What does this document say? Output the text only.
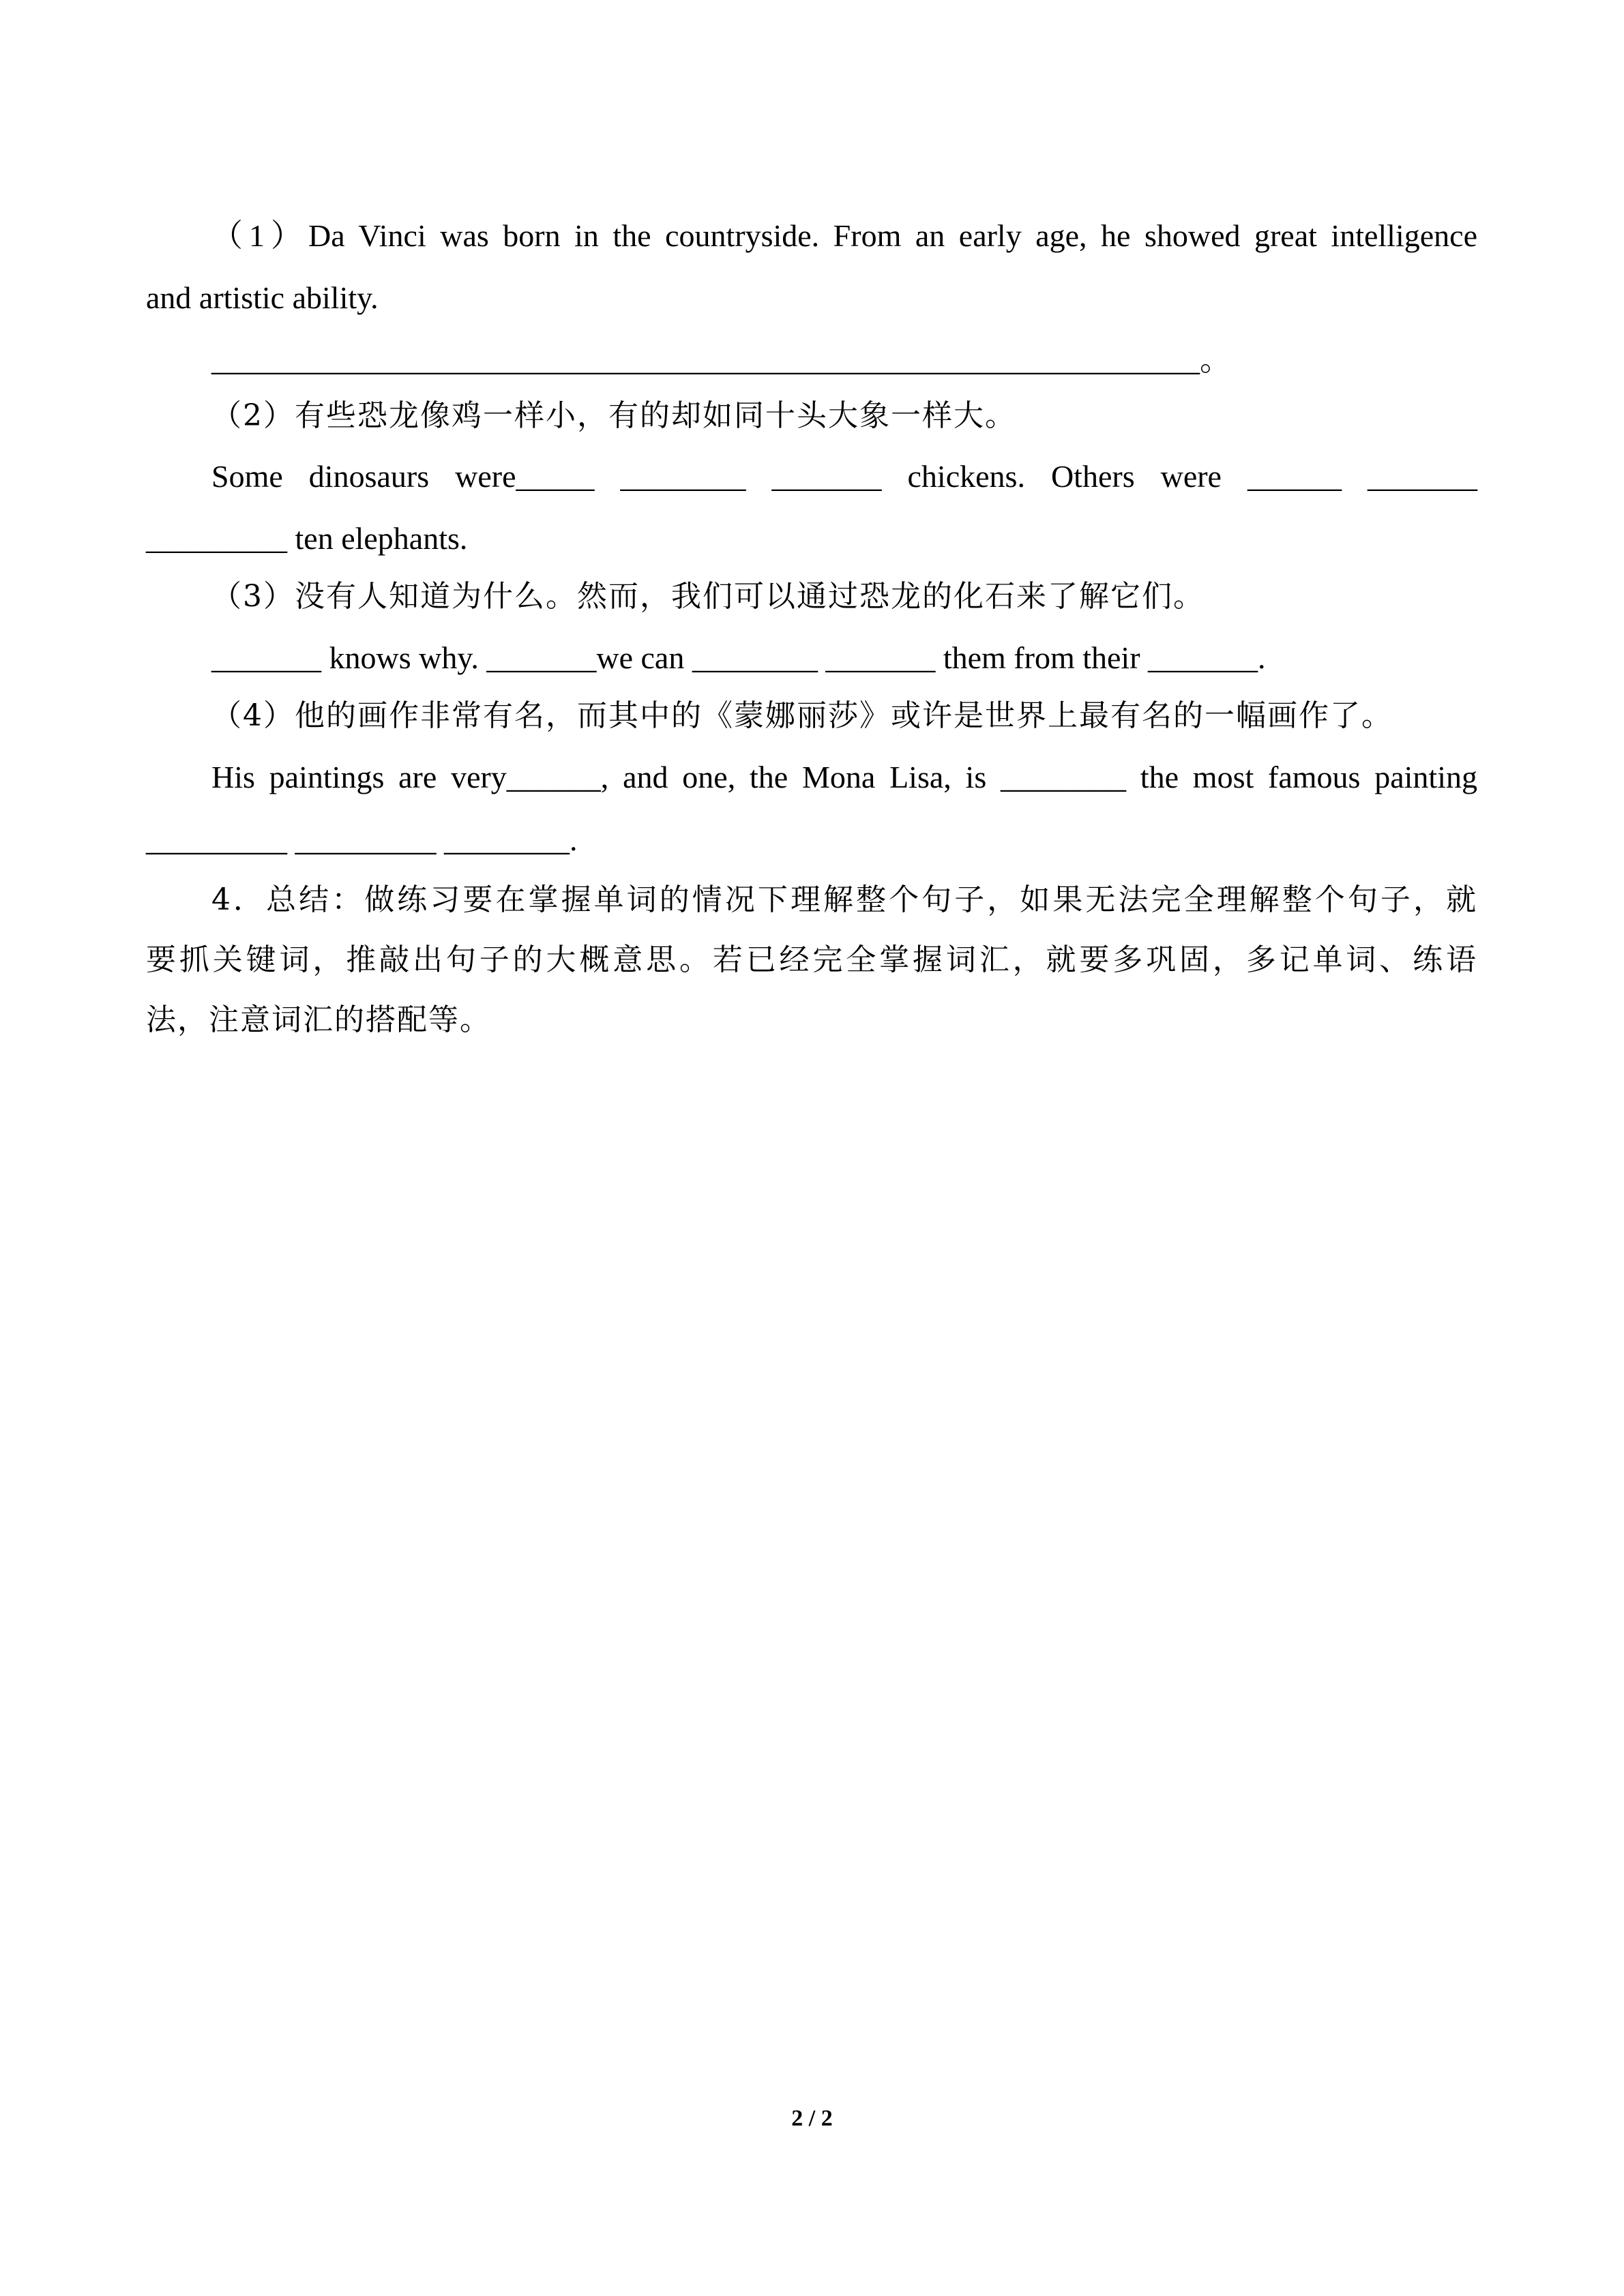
（1）Da Vinci was born in the countryside. From an early age, he showed great intelligence
and artistic ability.
_______________________________________________________________。
（2）有些恐龙像鸡一样小，有的却如同十头大象一样大。
Some dinosaurs were_____ ________ _______ chickens. Others were ______ _______
_________ ten elephants.
（3）没有人知道为什么。然而，我们可以通过恐龙的化石来了解它们。
_______ knows why. _______we can ________ _______ them from their _______.
（4）他的画作非常有名，而其中的《蒙娜丽莎》或许是世界上最有名的一幅画作了。
His paintings are very______, and one, the Mona Lisa, is ________ the most famous painting
_________ _________ ________.
4．总结：做练习要在掌握单词的情况下理解整个句子，如果无法完全理解整个句子，就
要抓关键词，推敲出句子的大概意思。若已经完全掌握词汇，就要多巩固，多记单词、练语
法，注意词汇的搭配等。
2 / 2
